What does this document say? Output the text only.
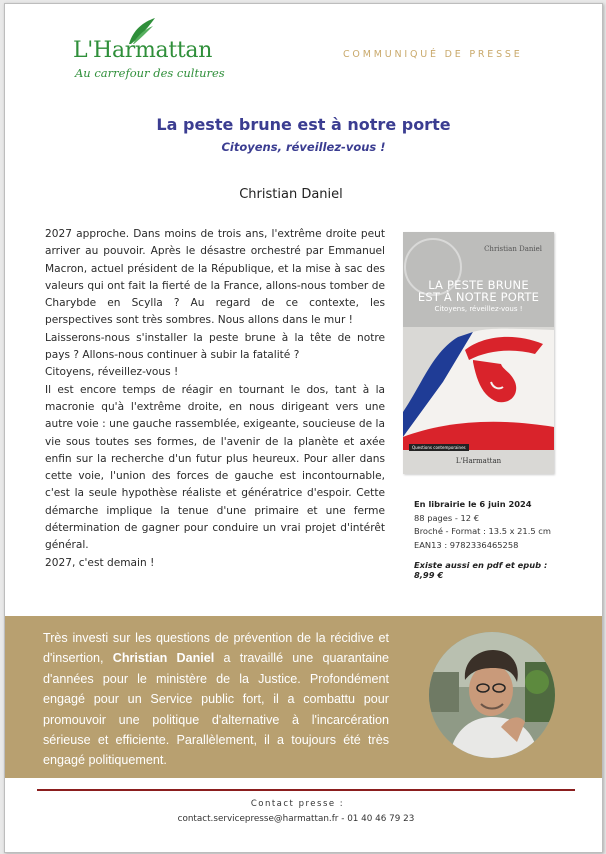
L'Harmattan
Au carrefour des cultures
COMMUNIQUÉ DE PRESSE
La peste brune est à notre porte
Citoyens, réveillez-vous !
Christian Daniel

2027 approche. Dans moins de trois ans, l'extrême droite peut arriver au pouvoir. Après le désastre orchestré par Emmanuel Macron, actuel président de la République, et la mise à sac des valeurs qui ont fait la fierté de la France, allons-nous tomber de Charybde en Scylla ? Au regard de ce contexte, les perspectives sont très sombres. Nous allons dans le mur !

Laisserons-nous s'installer la peste brune à la tête de notre pays ? Allons-nous continuer à subir la fatalité ?

Citoyens, réveillez-vous !

Il est encore temps de réagir en tournant le dos, tant à la macronie qu'à l'extrême droite, en nous dirigeant vers une autre voie : une gauche rassemblée, exigeante, soucieuse de la vie sous toutes ses formes, de l'avenir de la planète et axée enfin sur la recherche d'un futur plus heureux. Pour aller dans cette voie, l'union des forces de gauche est incontournable, c'est la seule hypothèse réaliste et génératrice d'espoir. Cette démarche implique la tenue d'une primaire et une ferme détermination de gagner pour conduire un vrai projet d'intérêt général.

2027, c'est demain !

Christian Daniel
LA PESTE BRUNE
EST À NOTRE PORTE
Citoyens, réveillez-vous !
Questions contemporaines
L'Harmattan
En librairie le 6 juin 2024
88 pages - 12 €
Broché - Format : 13.5 x 21.5 cm
EAN13 : 9782336465258
Existe aussi en pdf et epub :
8,99 €
Très investi sur les questions de prévention de la récidive et d'insertion, Christian Daniel a travaillé une quarantaine d'années pour le ministère de la Justice. Profondément engagé pour un Service public fort, il a combattu pour promouvoir une politique d'alternative à l'incarcération sérieuse et efficiente. Parallèlement, il a toujours été très engagé politiquement.
Contact presse :
contact.servicepresse@harmattan.fr - 01 40 46 79 23
